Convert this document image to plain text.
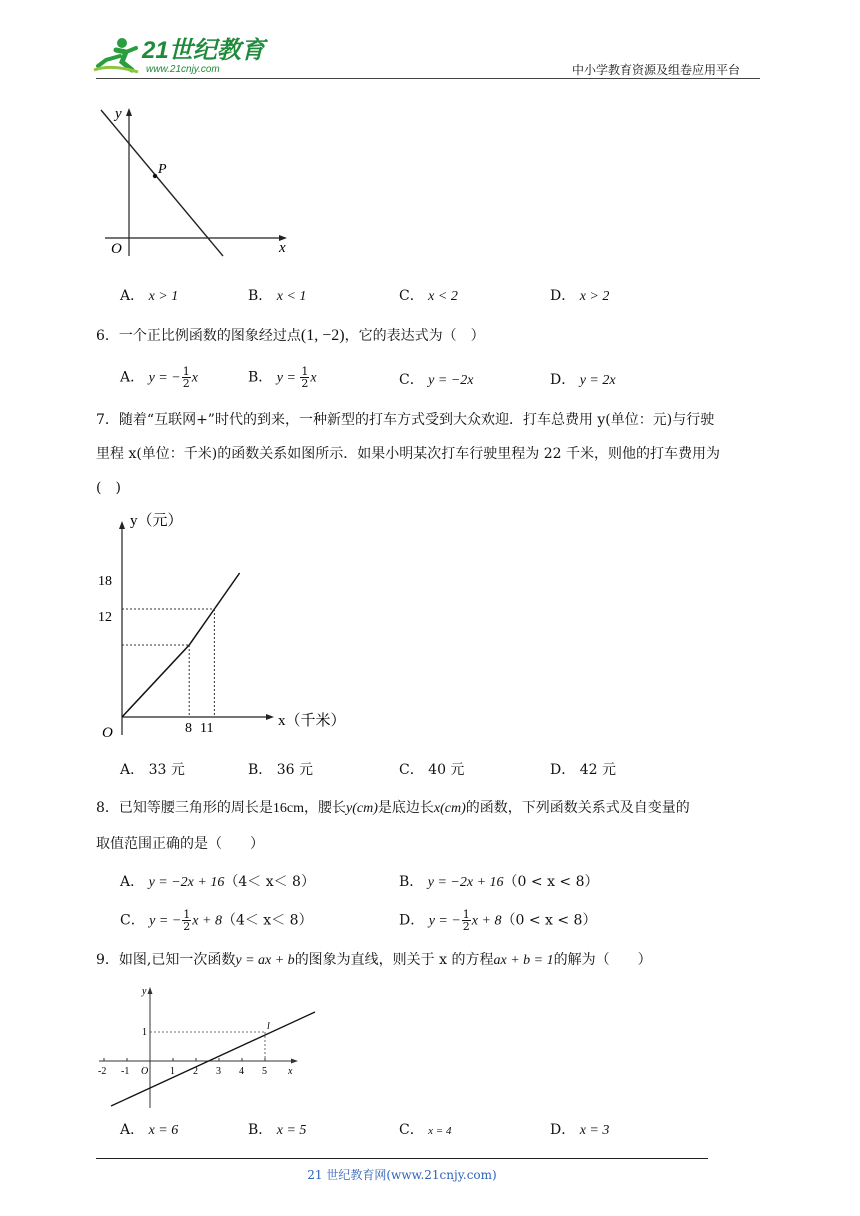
21世纪教育
www.21cnjy.com	中小学教育资源及组卷应用平台
y
x
O
P
A． x > 1	B． x < 1	C． x < 2	D． x > 2
6．一个正比例函数的图象经过点(1, −2)，它的表达式为（　）
A． y = − $\frac{1}{2}$ x	B． $y = \frac{1}{2}$ x	C． y = −2x	D． y = 2x
7．随着“互联网+”时代的到来，一种新型的打车方式受到大众欢迎．打车总费用 y(单位：元)与行驶
里程 x(单位：千米)的函数关系如图所示．如果小明某次打车行驶里程为 22 千米，则他的打车费用为
(　)
y（元）
x（千米）
O
18
12
8 11
A． 33 元	B． 36 元	C． 40 元	D． 42 元
8．已知等腰三角形的周长是16cm，腰长y(cm)是底边长x(cm)的函数，下列函数关系式及自变量的
取值范围正确的是（　　）
A． y = −2x + 16（4＜ x＜ 8）	B． y = −2x + 16（0 < x < 8）
C． y = − $\frac{1}{2}$ x + 8（4＜ x＜ 8）	D． y = − $\frac{1}{2}$ x + 8（0 < x < 8）
9．如图,已知一次函数y = ax + b的图象为直线，则关于 x 的方程ax + b = 1的解为（　　）
y
x
O
l
1
-2 -1	1 2 3 4 5
A． x = 6	B． x = 5	C． x = 4	D． x = 3
21 世纪教育网(www.21cnjy.com)
